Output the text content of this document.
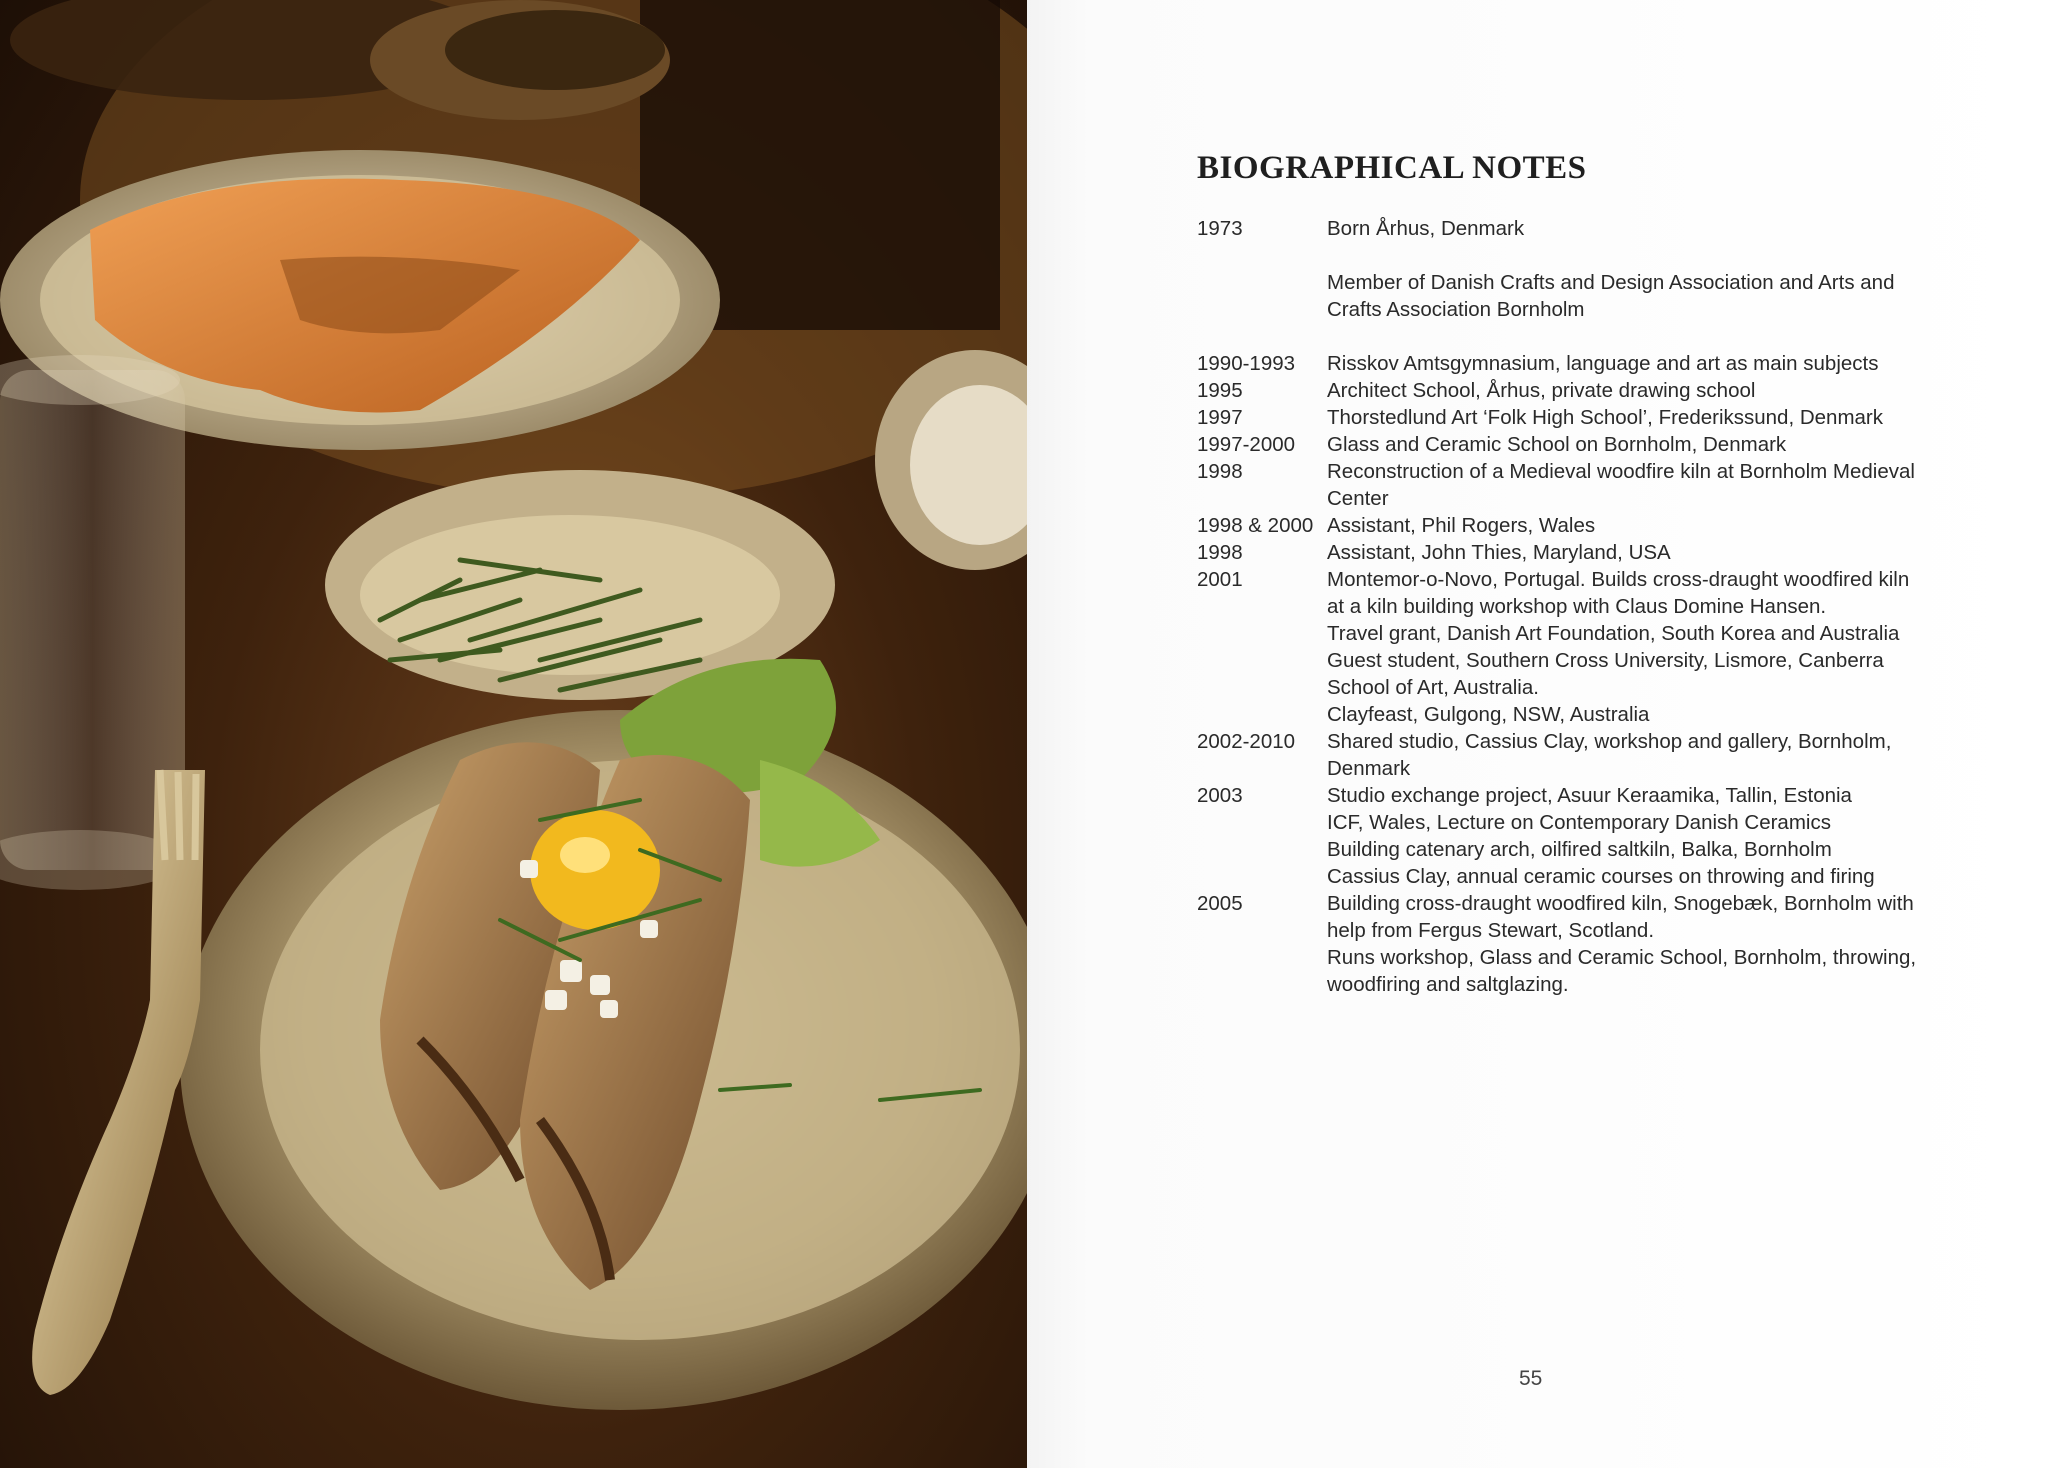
BIOGRAPHICAL NOTES
1973	Born Århus, Denmark
Member of Danish Crafts and Design Association and Arts and Crafts Association Bornholm
1990-1993	Risskov Amtsgymnasium, language and art as main subjects
1995	Architect School, Århus, private drawing school
1997	Thorstedlund Art ‘Folk High School’, Frederikssund, Denmark
1997-2000	Glass and Ceramic School on Bornholm, Denmark
1998	Reconstruction of a Medieval woodfire kiln at Bornholm Medieval Center
1998 & 2000 Assistant, Phil Rogers, Wales
1998	Assistant, John Thies, Maryland, USA
2001	Montemor-o-Novo, Portugal. Builds cross-draught woodfired kiln at a kiln building workshop with Claus Domine Hansen.
Travel grant, Danish Art Foundation, South Korea and Australia
Guest student, Southern Cross University, Lismore, Canberra School of Art, Australia.
Clayfeast, Gulgong, NSW, Australia
2002-2010	Shared studio, Cassius Clay, workshop and gallery, Bornholm, Denmark
2003	Studio exchange project, Asuur Keraamika, Tallin, Estonia
ICF, Wales, Lecture on Contemporary Danish Ceramics
Building catenary arch, oilfired saltkiln, Balka, Bornholm
Cassius Clay, annual ceramic courses on throwing and firing
2005	Building cross-draught woodfired kiln, Snogebæk, Bornholm with help from Fergus Stewart, Scotland.
Runs workshop, Glass and Ceramic School, Bornholm, throwing, woodfiring and saltglazing.
55
